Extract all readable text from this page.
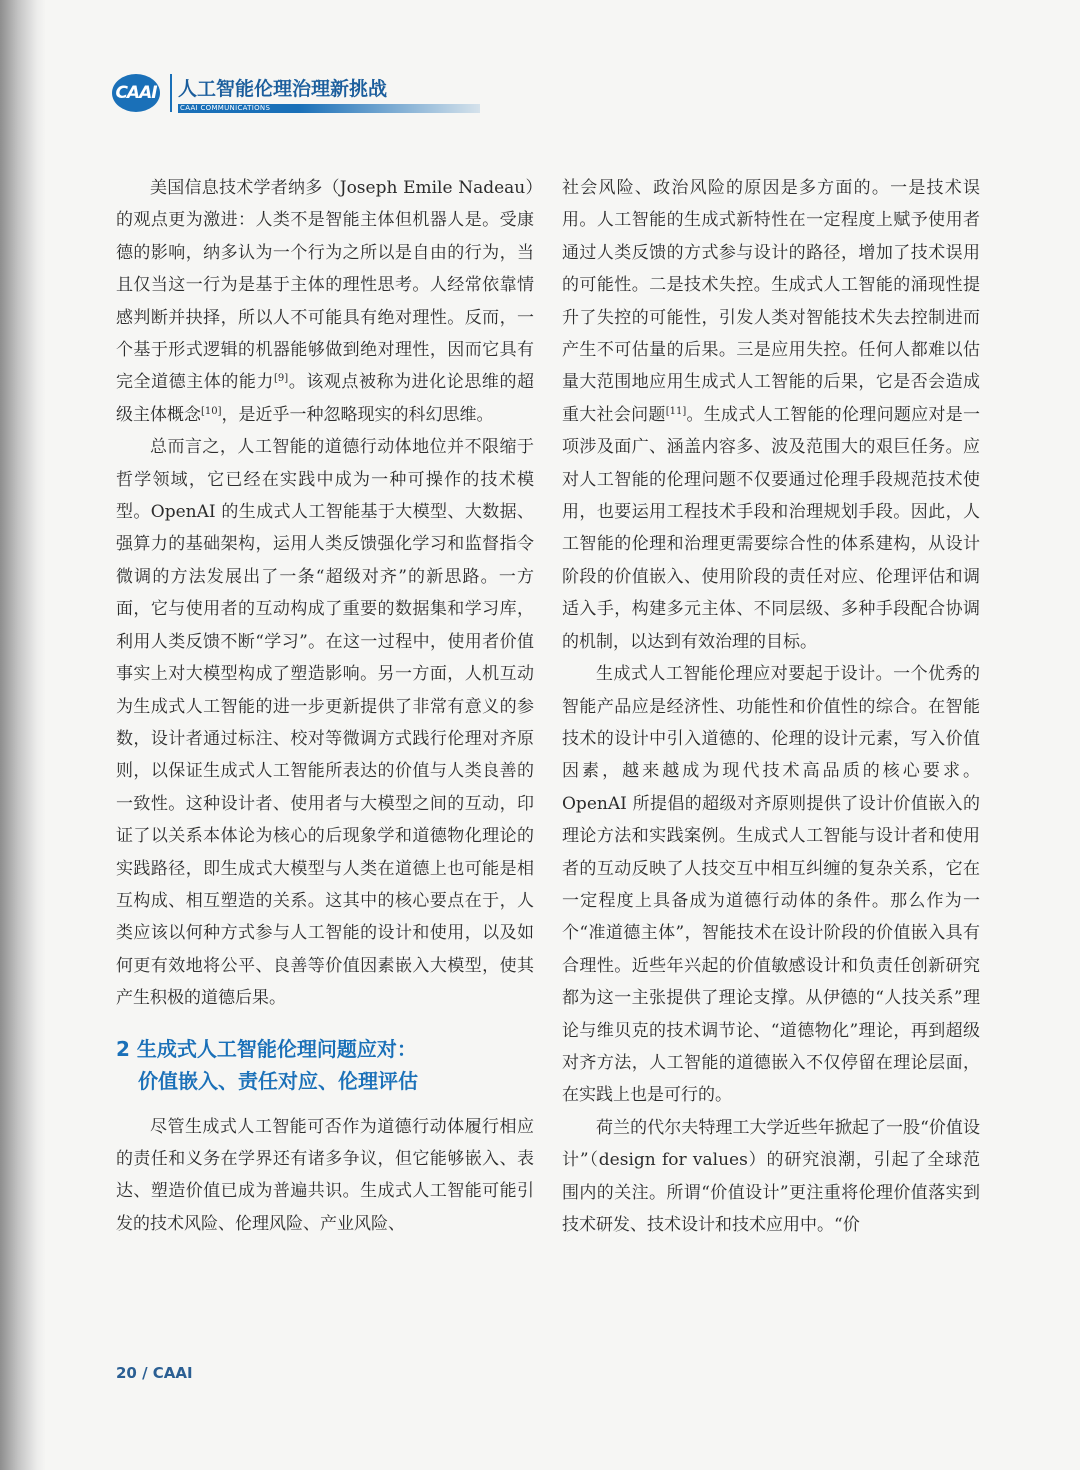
CAAI 人工智能伦理治理新挑战
CAAI COMMUNICATIONS

美国信息技术学者纳多（Joseph Emile Nadeau）的观点更为激进：人类不是智能主体但机器人是。受康德的影响，纳多认为一个行为之所以是自由的行为，当且仅当这一行为是基于主体的理性思考。人经常依靠情感判断并抉择，所以人不可能具有绝对理性。反而，一个基于形式逻辑的机器能够做到绝对理性，因而它具有完全道德主体的能力[9]。该观点被称为进化论思维的超级主体概念[10]，是近乎一种忽略现实的科幻思维。

总而言之，人工智能的道德行动体地位并不限缩于哲学领域，它已经在实践中成为一种可操作的技术模型。OpenAI 的生成式人工智能基于大模型、大数据、强算力的基础架构，运用人类反馈强化学习和监督指令微调的方法发展出了一条“超级对齐”的新思路。一方面，它与使用者的互动构成了重要的数据集和学习库，利用人类反馈不断“学习”。在这一过程中，使用者价值事实上对大模型构成了塑造影响。另一方面，人机互动为生成式人工智能的进一步更新提供了非常有意义的参数，设计者通过标注、校对等微调方式践行伦理对齐原则，以保证生成式人工智能所表达的价值与人类良善的一致性。这种设计者、使用者与大模型之间的互动，印证了以关系本体论为核心的后现象学和道德物化理论的实践路径，即生成式大模型与人类在道德上也可能是相互构成、相互塑造的关系。这其中的核心要点在于，人类应该以何种方式参与人工智能的设计和使用，以及如何更有效地将公平、良善等价值因素嵌入大模型，使其产生积极的道德后果。

2 生成式人工智能伦理问题应对：
价值嵌入、责任对应、伦理评估

尽管生成式人工智能可否作为道德行动体履行相应的责任和义务在学界还有诸多争议，但它能够嵌入、表达、塑造价值已成为普遍共识。生成式人工智能可能引发的技术风险、伦理风险、产业风险、

社会风险、政治风险的原因是多方面的。一是技术误用。人工智能的生成式新特性在一定程度上赋予使用者通过人类反馈的方式参与设计的路径，增加了技术误用的可能性。二是技术失控。生成式人工智能的涌现性提升了失控的可能性，引发人类对智能技术失去控制进而产生不可估量的后果。三是应用失控。任何人都难以估量大范围地应用生成式人工智能的后果，它是否会造成重大社会问题[11]。生成式人工智能的伦理问题应对是一项涉及面广、涵盖内容多、波及范围大的艰巨任务。应对人工智能的伦理问题不仅要通过伦理手段规范技术使用，也要运用工程技术手段和治理规划手段。因此，人工智能的伦理和治理更需要综合性的体系建构，从设计阶段的价值嵌入、使用阶段的责任对应、伦理评估和调适入手，构建多元主体、不同层级、多种手段配合协调的机制，以达到有效治理的目标。

生成式人工智能伦理应对要起于设计。一个优秀的智能产品应是经济性、功能性和价值性的综合。在智能技术的设计中引入道德的、伦理的设计元素，写入价值因素，越来越成为现代技术高品质的核心要求。OpenAI 所提倡的超级对齐原则提供了设计价值嵌入的理论方法和实践案例。生成式人工智能与设计者和使用者的互动反映了人技交互中相互纠缠的复杂关系，它在一定程度上具备成为道德行动体的条件。那么作为一个“准道德主体”，智能技术在设计阶段的价值嵌入具有合理性。近些年兴起的价值敏感设计和负责任创新研究都为这一主张提供了理论支撑。从伊德的“人技关系”理论与维贝克的技术调节论、“道德物化”理论，再到超级对齐方法，人工智能的道德嵌入不仅停留在理论层面，在实践上也是可行的。

荷兰的代尔夫特理工大学近些年掀起了一股“价值设计”（design for values）的研究浪潮，引起了全球范围内的关注。所谓“价值设计”更注重将伦理价值落实到技术研发、技术设计和技术应用中。“价

20 / CAAI
